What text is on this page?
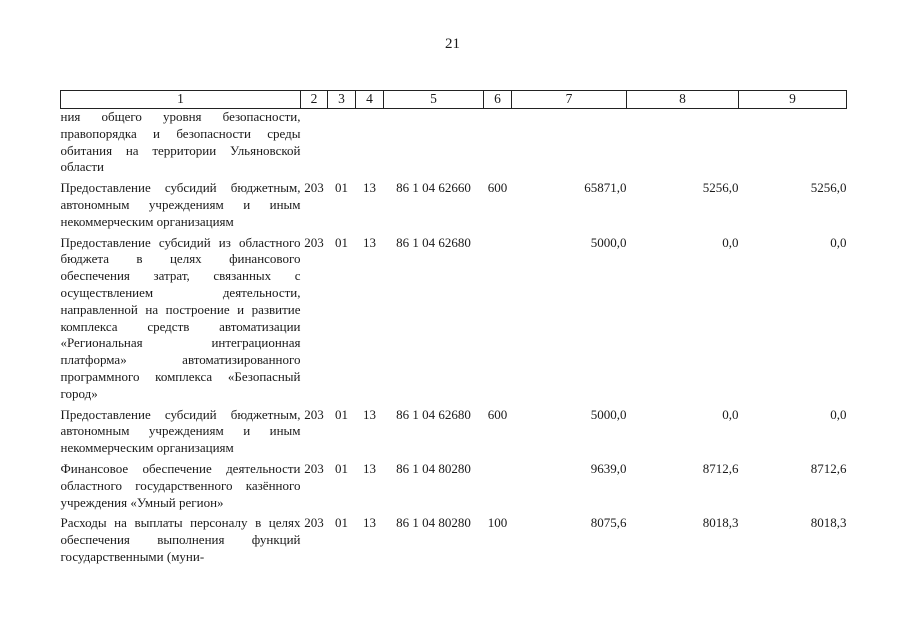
21
1	2	3	4	5	6	7	8	9
ния общего уровня безопасности, правопорядка и безопасности среды обитания на территории Ульяновской области								

Предоставление субсидий бюджетным, автономным учреждениям и иным некоммерческим организациям	203	01	13	86 1 04 62660	600	65871,0	5256,0	5256,0

Предоставление субсидий из областного бюджета в целях финансового обеспечения затрат, связанных с осуществлением деятельности, направленной на построение и развитие комплекса средств автоматизации «Региональная интеграционная платформа» автоматизированного программного комплекса «Безопасный город»	203	01	13	86 1 04 62680		5000,0	0,0	0,0

Предоставление субсидий бюджетным, автономным учреждениям и иным некоммерческим организациям	203	01	13	86 1 04 62680	600	5000,0	0,0	0,0

Финансовое обеспечение деятельности областного государственного казённого учреждения «Умный регион»	203	01	13	86 1 04 80280		9639,0	8712,6	8712,6

Расходы на выплаты персоналу в целях обеспечения выполнения функций государственными (муни-	203	01	13	86 1 04 80280	100	8075,6	8018,3	8018,3
